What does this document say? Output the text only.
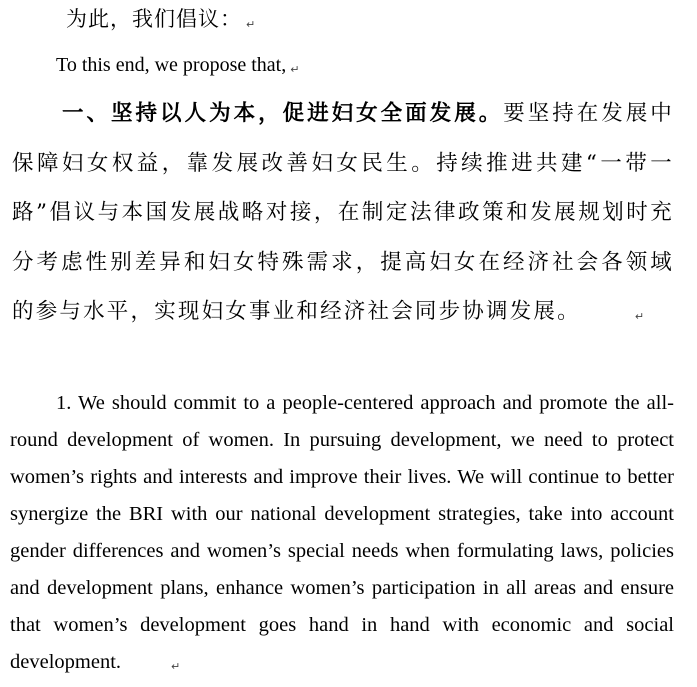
为此，我们倡议： ↵
To this end, we propose that, ↵
一、坚持以人为本，促进妇女全面发展。要坚持在发展中保障妇女权益，靠发展改善妇女民生。持续推进共建“一带一路”倡议与本国发展战略对接，在制定法律政策和发展规划时充分考虑性别差异和妇女特殊需求，提高妇女在经济社会各领域的参与水平，实现妇女事业和经济社会同步协调发展。	↵
1. We should commit to a people-centered approach and promote the all-round development of women. In pursuing development, we need to protect women’s rights and interests and improve their lives. We will continue to better synergize the BRI with our national development strategies, take into account gender differences and women’s special needs when formulating laws, policies and development plans, enhance women’s participation in all areas and ensure that women’s development goes hand in hand with economic and social development.	↵
